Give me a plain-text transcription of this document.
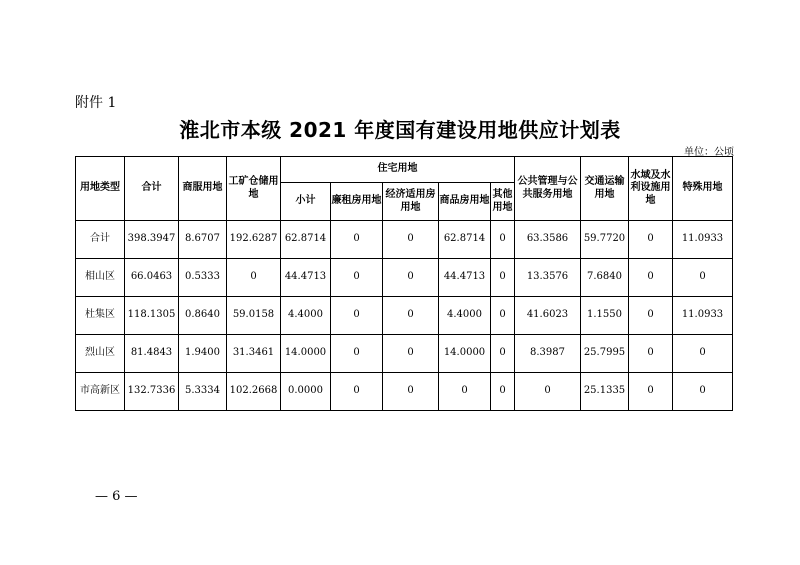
附件 1
淮北市本级 2021 年度国有建设用地供应计划表
单位：公顷
用地类型	合计	商服用地	工矿仓储用地	住宅用地					公共管理与公共服务用地	交通运输用地	水域及水利设施用地	特殊用地
				小计	廉租房用地	经济适用房用地	商品房用地	其他用地				
合计	398.3947	8.6707	192.6287	62.8714	0	0	62.8714	0	63.3586	59.7720	0	11.0933
相山区	66.0463	0.5333	0	44.4713	0	0	44.4713	0	13.3576	7.6840	0	0
杜集区	118.1305	0.8640	59.0158	4.4000	0	0	4.4000	0	41.6023	1.1550	0	11.0933
烈山区	81.4843	1.9400	31.3461	14.0000	0	0	14.0000	0	8.3987	25.7995	0	0
市高新区	132.7336	5.3334	102.2668	0.0000	0	0	0	0	0	25.1335	0	0
— 6 —
